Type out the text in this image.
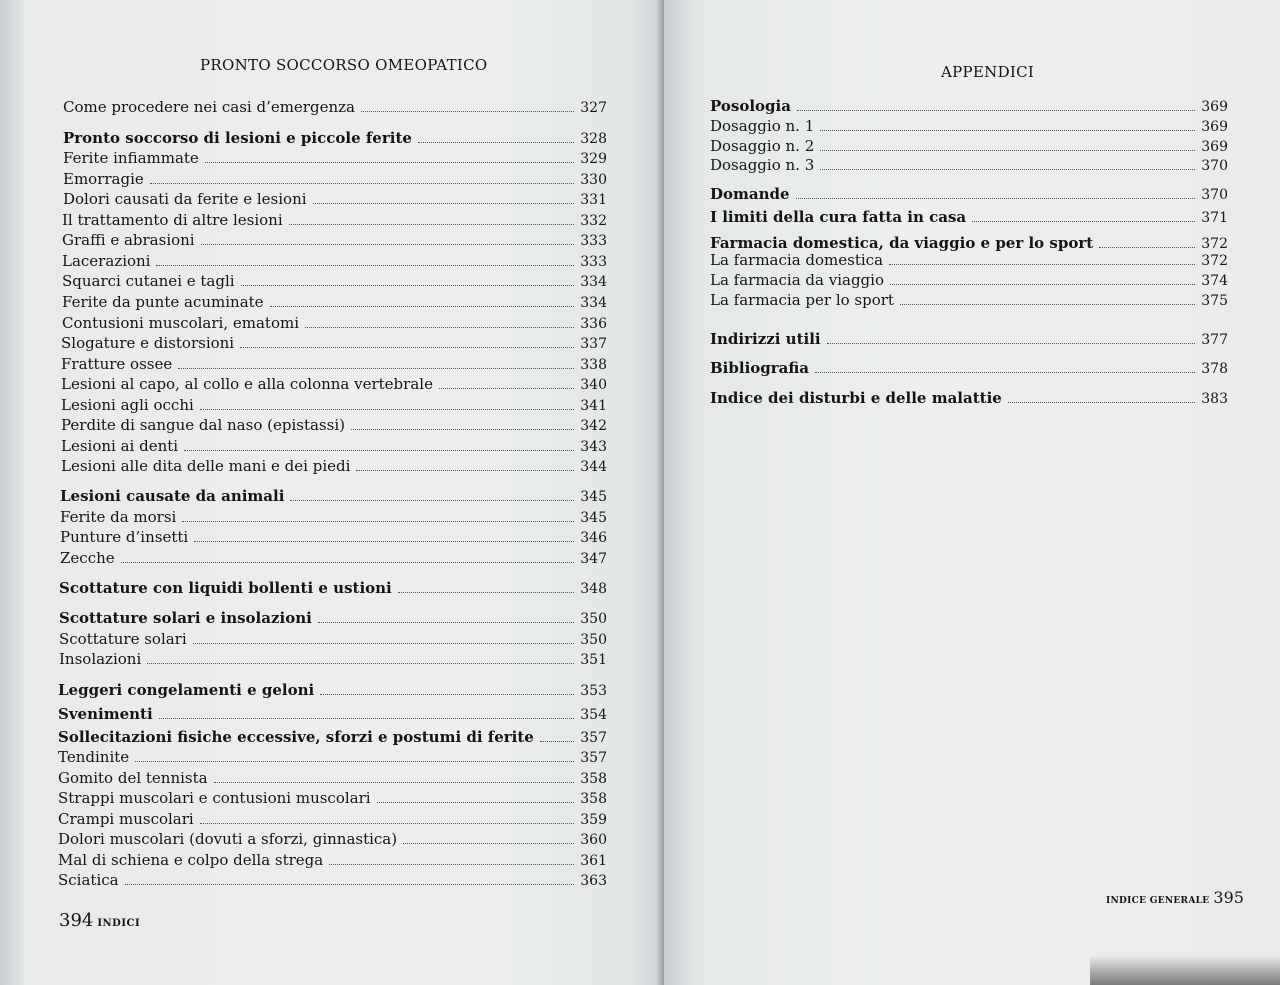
PRONTO SOCCORSO OMEOPATICO
Come procedere nei casi d’emergenza	327
Pronto soccorso di lesioni e piccole ferite	328
Ferite infiammate	329
Emorragie	330
Dolori causati da ferite e lesioni	331
Il trattamento di altre lesioni	332
Graffi e abrasioni	333
Lacerazioni	333
Squarci cutanei e tagli	334
Ferite da punte acuminate	334
Contusioni muscolari, ematomi	336
Slogature e distorsioni	337
Fratture ossee	338
Lesioni al capo, al collo e alla colonna vertebrale	340
Lesioni agli occhi	341
Perdite di sangue dal naso (epistassi)	342
Lesioni ai denti	343
Lesioni alle dita delle mani e dei piedi	344
Lesioni causate da animali	345
Ferite da morsi	345
Punture d’insetti	346
Zecche	347
Scottature con liquidi bollenti e ustioni	348
Scottature solari e insolazioni	350
Scottature solari	350
Insolazioni	351
Leggeri congelamenti e geloni	353
Svenimenti	354
Sollecitazioni fisiche eccessive, sforzi e postumi di ferite	357
Tendinite	357
Gomito del tennista	358
Strappi muscolari e contusioni muscolari	358
Crampi muscolari	359
Dolori muscolari (dovuti a sforzi, ginnastica)	360
Mal di schiena e colpo della strega	361
Sciatica	363
394 INDICI
APPENDICI
Posologia	369
Dosaggio n. 1	369
Dosaggio n. 2	369
Dosaggio n. 3	370
Domande	370
I limiti della cura fatta in casa	371
Farmacia domestica, da viaggio e per lo sport	372
La farmacia domestica	372
La farmacia da viaggio	374
La farmacia per lo sport	375
Indirizzi utili	377
Bibliografia	378
Indice dei disturbi e delle malattie	383
INDICE GENERALE 395
